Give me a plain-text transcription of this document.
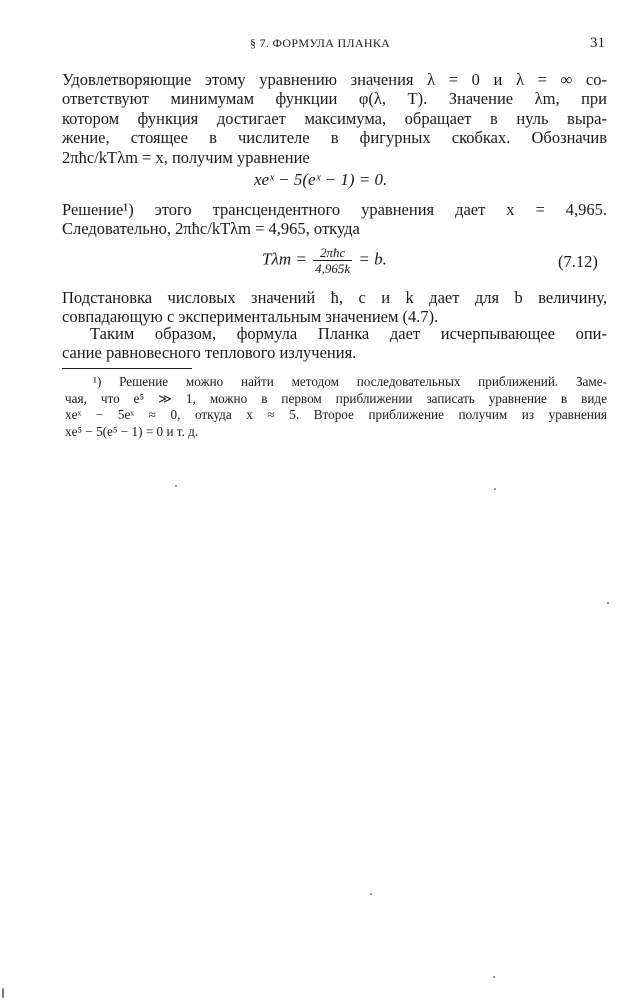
§ 7. ФОРМУЛА ПЛАНКА	31

Удовлетворяющие этому уравнению значения λ = 0 и λ = ∞ со-
ответствуют минимумам функции φ(λ, T). Значение λm, при
котором функция достигает максимума, обращает в нуль выра-
жение, стоящее в числителе в фигурных скобках. Обозначив
2πħc/kTλm = x, получим уравнение

xeˣ − 5(eˣ − 1) = 0.

Решение¹) этого трансцендентного уравнения дает x = 4,965.
Следовательно, 2πħc/kTλm = 4,965, откуда

$T\lambda m = \frac{\text{2πħc}}{4,965k} = b$.	(7.12)

Подстановка числовых значений ħ, c и k дает для b величину,
совпадающую с экспериментальным значением (4.7).

Таким образом, формула Планка дает исчерпывающее опи-
сание равновесного теплового излучения.

¹) Решение можно найти методом последовательных приближений. Заме-
чая, что e⁵ ≫ 1, можно в первом приближении записать уравнение в виде
xeˣ − 5eˣ ≈ 0, откуда x ≈ 5. Второе приближение получим из уравнения
xe⁵ − 5(e⁵ − 1) = 0 и т. д.
